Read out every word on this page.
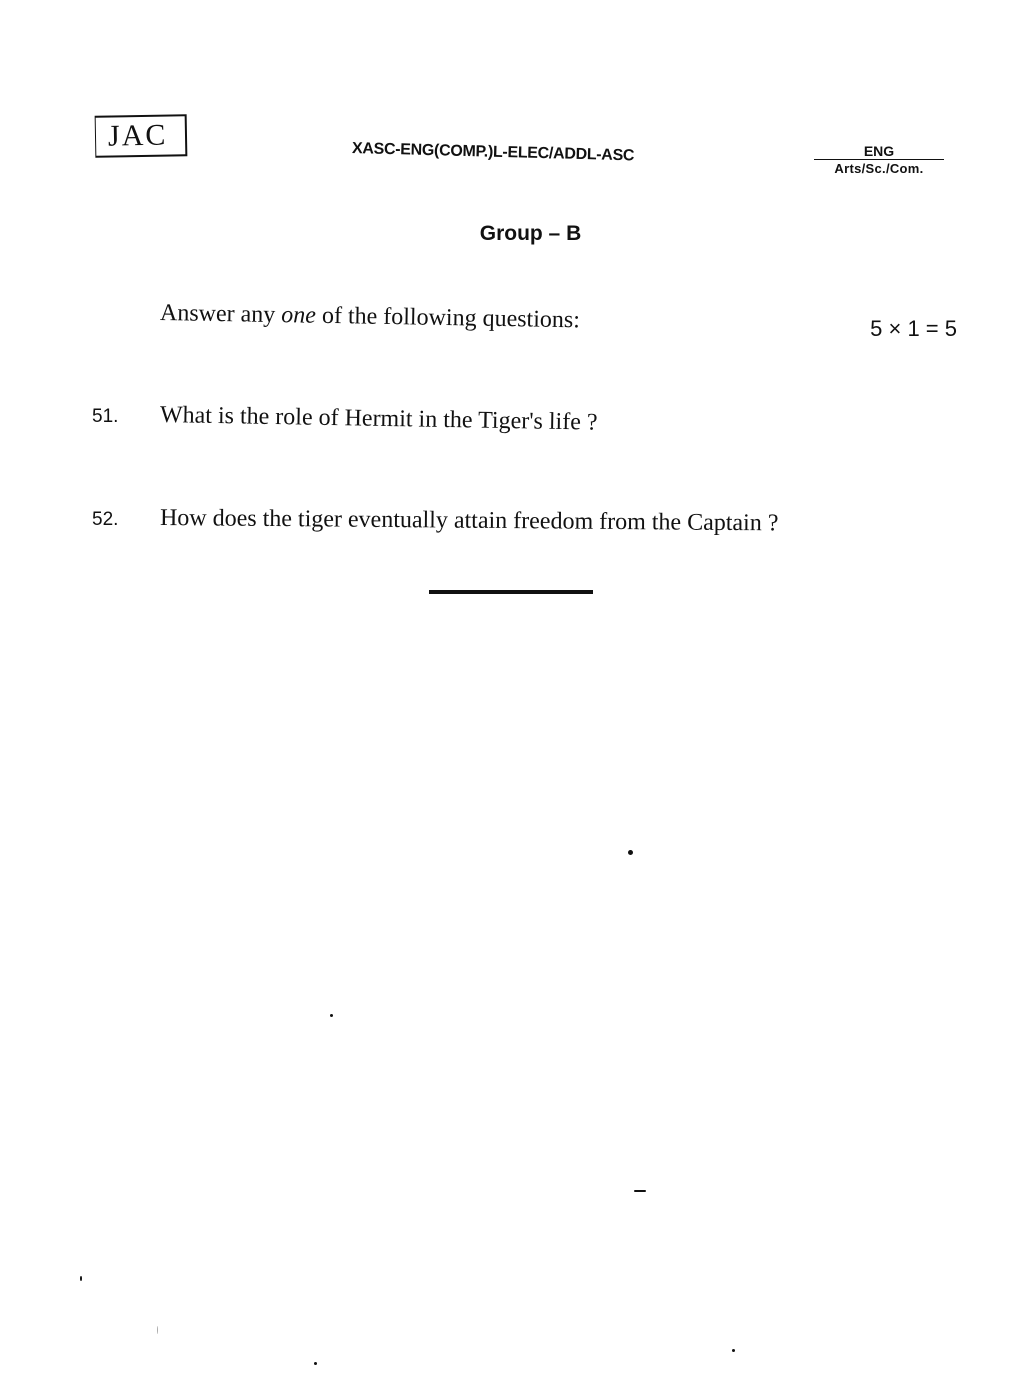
JAC	XASC-ENG(COMP.)L-ELEC/ADDL-ASC	ENG
Arts/Sc./Com.
Group – B
Answer any one of the following questions:	5 × 1 = 5
51. What is the role of Hermit in the Tiger's life ?
52. How does the tiger eventually attain freedom from the Captain ?
